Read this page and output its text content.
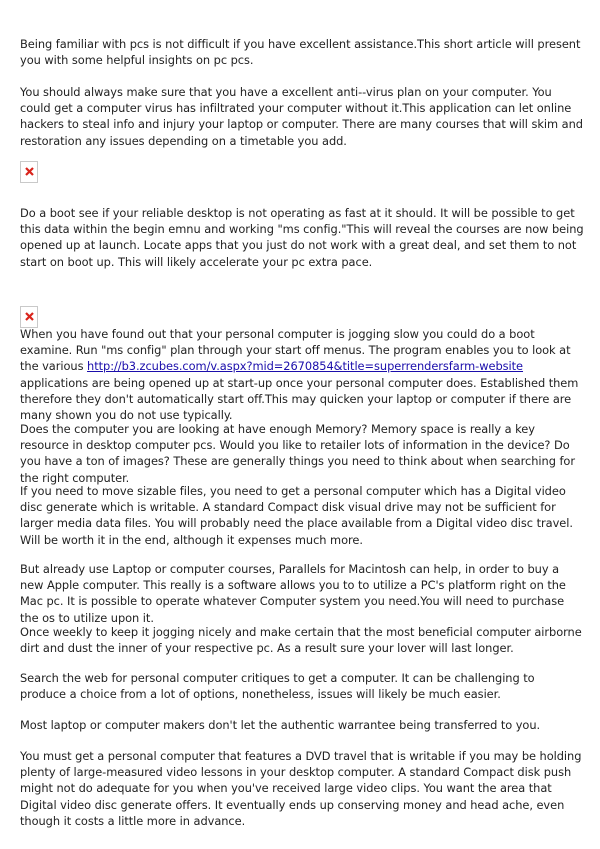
Being familiar with pcs is not difficult if you have excellent assistance.This short article will present you with some helpful insights on pc pcs.

You should always make sure that you have a excellent anti--virus plan on your computer. You could get a computer virus has infiltrated your computer without it.This application can let online hackers to steal info and injury your laptop or computer. There are many courses that will skim and restoration any issues depending on a timetable you add.

Do a boot see if your reliable desktop is not operating as fast at it should. It will be possible to get this data within the begin emnu and working "ms config."This will reveal the courses are now being opened up at launch. Locate apps that you just do not work with a great deal, and set them to not start on boot up. This will likely accelerate your pc extra pace.

When you have found out that your personal computer is jogging slow you could do a boot examine. Run "ms config" plan through your start off menus. The program enables you to look at the various http://b3.zcubes.com/v.aspx?mid=2670854&title=superrendersfarm-website applications are being opened up at start-up once your personal computer does. Established them therefore they don't automatically start off.This may quicken your laptop or computer if there are many shown you do not use typically.

Does the computer you are looking at have enough Memory? Memory space is really a key resource in desktop computer pcs. Would you like to retailer lots of information in the device? Do you have a ton of images? These are generally things you need to think about when searching for the right computer.

If you need to move sizable files, you need to get a personal computer which has a Digital video disc generate which is writable. A standard Compact disk visual drive may not be sufficient for larger media data files. You will probably need the place available from a Digital video disc travel. Will be worth it in the end, although it expenses much more.

But already use Laptop or computer courses, Parallels for Macintosh can help, in order to buy a new Apple computer. This really is a software allows you to to utilize a PC's platform right on the Mac pc. It is possible to operate whatever Computer system you need.You will need to purchase the os to utilize upon it.

Once weekly to keep it jogging nicely and make certain that the most beneficial computer airborne dirt and dust the inner of your respective pc. As a result sure your lover will last longer.

Search the web for personal computer critiques to get a computer. It can be challenging to produce a choice from a lot of options, nonetheless, issues will likely be much easier.

Most laptop or computer makers don't let the authentic warrantee being transferred to you.

You must get a personal computer that features a DVD travel that is writable if you may be holding plenty of large-measured video lessons in your desktop computer. A standard Compact disk push might not do adequate for you when you've received large video clips. You want the area that Digital video disc generate offers. It eventually ends up conserving money and head ache, even though it costs a little more in advance.
